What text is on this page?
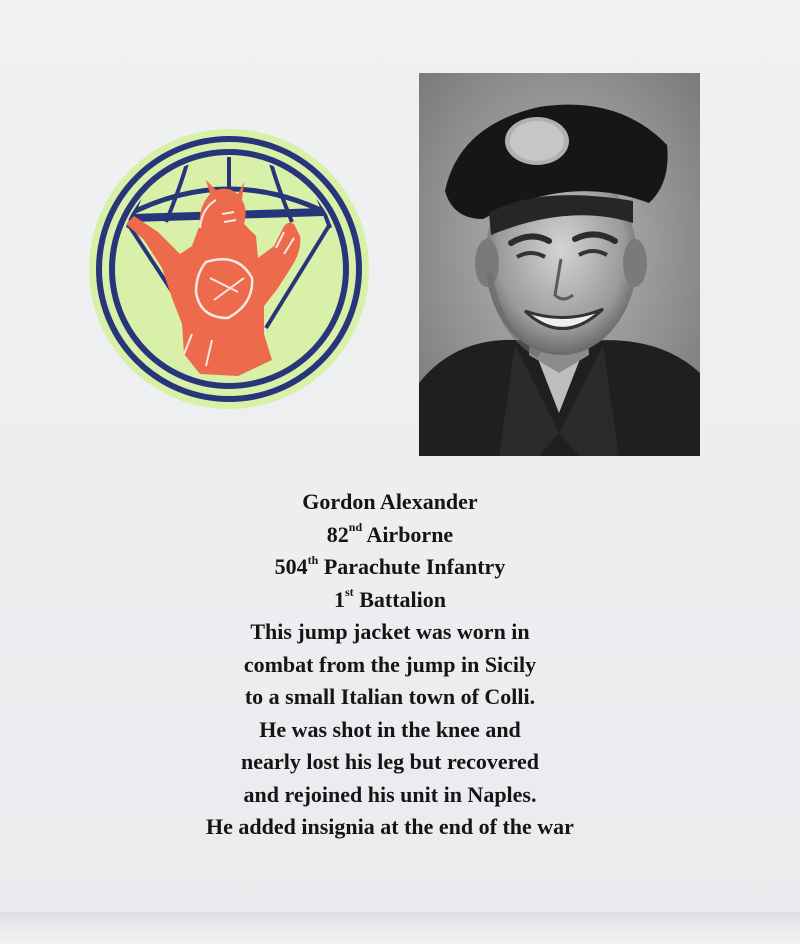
Gordon Alexander
82nd Airborne
504th Parachute Infantry
1st Battalion
This jump jacket was worn in
combat from the jump in Sicily
to a small Italian town of Colli.
He was shot in the knee and
nearly lost his leg but recovered
and rejoined his unit in Naples.
He added insignia at the end of the war
